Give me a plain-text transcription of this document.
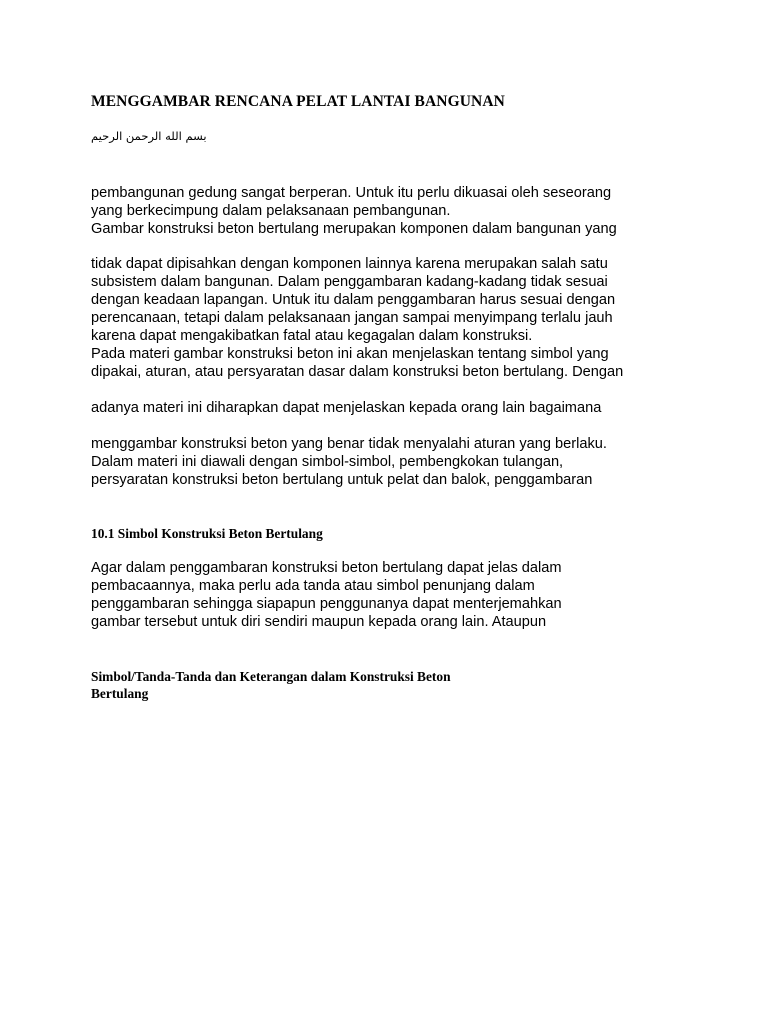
MENGGAMBAR RENCANA PELAT LANTAI BANGUNAN
بسم الله الرحمن الرحيم
pembangunan gedung sangat berperan. Untuk itu perlu dikuasai oleh seseorang
yang berkecimpung dalam pelaksanaan pembangunan.
Gambar konstruksi beton bertulang merupakan komponen dalam bangunan yang
tidak dapat dipisahkan dengan komponen lainnya karena merupakan salah satu
subsistem dalam bangunan. Dalam penggambaran kadang-kadang tidak sesuai
dengan keadaan lapangan. Untuk itu dalam penggambaran harus sesuai dengan
perencanaan, tetapi dalam pelaksanaan jangan sampai menyimpang terlalu jauh
karena dapat mengakibatkan fatal atau kegagalan dalam konstruksi.
Pada materi gambar konstruksi beton ini akan menjelaskan tentang simbol yang
dipakai, aturan, atau persyaratan dasar dalam konstruksi beton bertulang. Dengan
adanya materi ini diharapkan dapat menjelaskan kepada orang lain bagaimana
menggambar konstruksi beton yang benar tidak menyalahi aturan yang berlaku.
Dalam materi ini diawali dengan simbol-simbol, pembengkokan tulangan,
persyaratan konstruksi beton bertulang untuk pelat dan balok, penggambaran
10.1 Simbol Konstruksi Beton Bertulang
Agar dalam penggambaran konstruksi beton bertulang dapat jelas dalam
pembacaannya, maka perlu ada tanda atau simbol penunjang dalam
penggambaran sehingga siapapun penggunanya dapat menterjemahkan
gambar tersebut untuk diri sendiri maupun kepada orang lain. Ataupun
Simbol/Tanda-Tanda dan Keterangan dalam Konstruksi Beton
Bertulang
